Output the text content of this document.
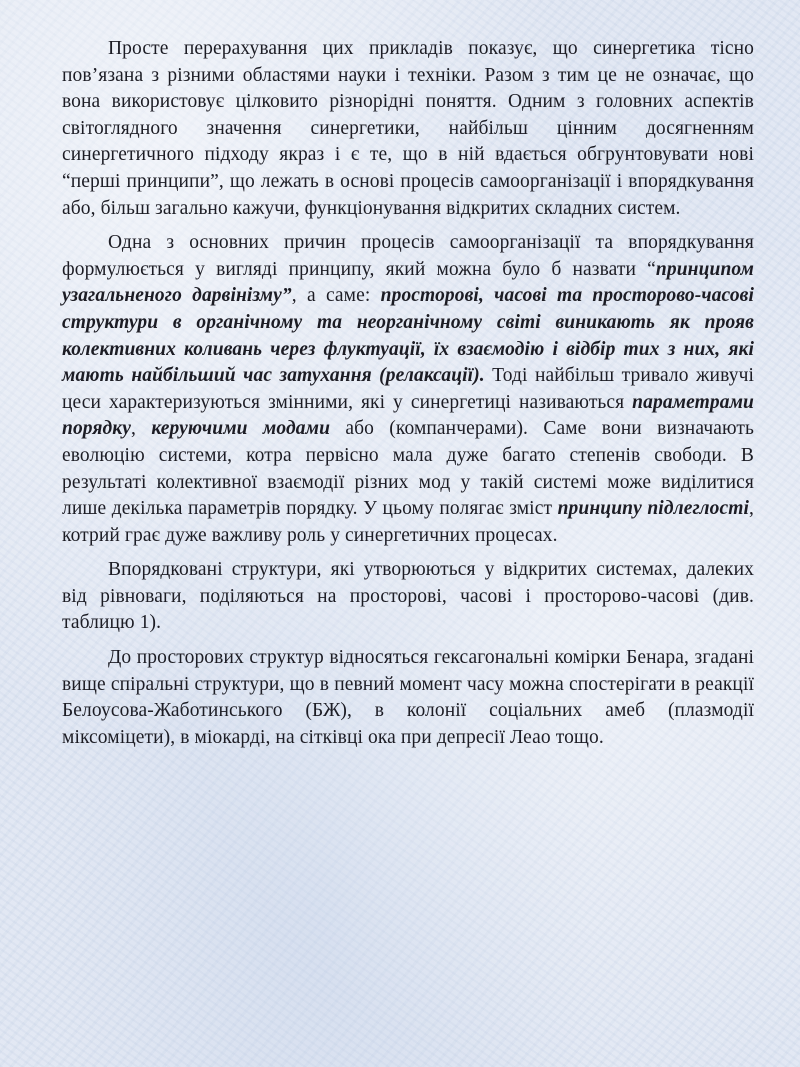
Просте перерахування цих прикладів показує, що синергетика тісно пов’язана з різними областями науки і техніки. Разом з тим це не означає, що вона використовує цілковито різнорідні поняття. Одним з головних аспектів світоглядного значення синергетики, найбільш цінним досягненням синергетичного підходу якраз і є те, що в ній вдається обгрунтовувати нові “перші принципи”, що лежать в основі процесів самоорганізації і впорядкування або, більш загально кажучи, функціонування відкритих складних систем.

Одна з основних причин процесів самоорганізації та впорядкування формулюється у вигляді принципу, який можна було б назвати “принципом узагальненого дарвінізму”, а саме: просторові, часові та просторово-часові структури в органічному та неорганічному світі виникають як прояв колективних коливань через флуктуації, їх взаємодію і відбір тих з них, які мають найбільший час затухання (релаксації). Тоді найбільш тривало живучі цеси характеризуються змінними, які у синергетиці називаються параметрами порядку, керуючими модами або (компанчерами). Саме вони визначають еволюцію системи, котра первісно мала дуже багато степенів свободи. В результаті колективної взаємодії різних мод у такій системі може виділитися лише декілька параметрів порядку. У цьому полягає зміст принципу підлеглості, котрий грає дуже важливу роль у синергетичних процесах.

Впорядковані структури, які утворюються у відкритих системах, далеких від рівноваги, поділяються на просторові, часові і просторово-часові (див. таблицю 1).

До просторових структур відносяться гексагональні комірки Бенара, згадані вище спіральні структури, що в певний момент часу можна спостерігати в реакції Белоусова-Жаботинського (БЖ), в колонії соціальних амеб (плазмодії міксоміцети), в міокарді, на сітківці ока при депресії Леао тощо.
